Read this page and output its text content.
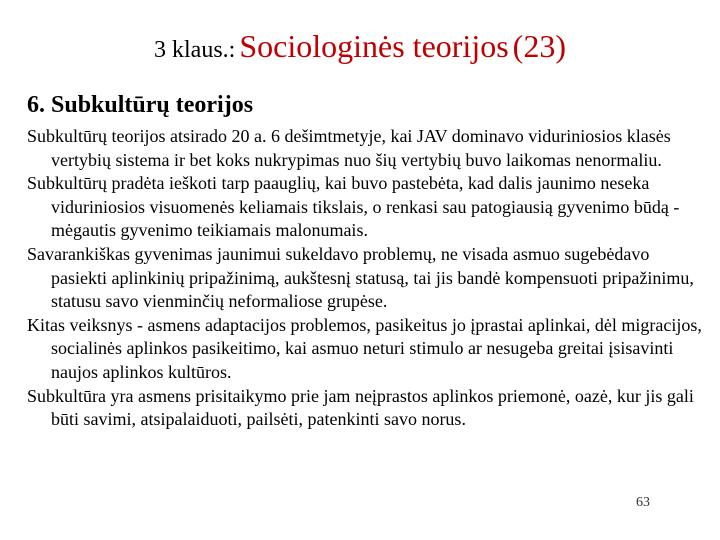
3 klaus.: Sociologinės teorijos (23)
6. Subkultūrų teorijos

Subkultūrų teorijos atsirado 20 a. 6 dešimtmetyje, kai JAV dominavo viduriniosios klasės vertybių sistema ir bet koks nukrypimas nuo šių vertybių buvo laikomas nenormaliu.

Subkultūrų pradėta ieškoti tarp paauglių, kai buvo pastebėta, kad dalis jaunimo neseka viduriniosios visuomenės keliamais tikslais, o renkasi sau patogiausią gyvenimo būdą - mėgautis gyvenimo teikiamais malonumais.

Savarankiškas gyvenimas jaunimui sukeldavo problemų, ne visada asmuo sugebėdavo pasiekti aplinkinių pripažinimą, aukštesnį statusą, tai jis bandė kompensuoti pripažinimu, statusu savo vienminčių neformaliose grupėse.

Kitas veiksnys - asmens adaptacijos problemos, pasikeitus jo įprastai aplinkai, dėl migracijos, socialinės aplinkos pasikeitimo, kai asmuo neturi stimulo ar nesugeba greitai įsisavinti naujos aplinkos kultūros.

Subkultūra yra asmens prisitaikymo prie jam neįprastos aplinkos priemonė, oazė, kur jis gali būti savimi, atsipalaiduoti, pailsėti, patenkinti savo norus.

63
